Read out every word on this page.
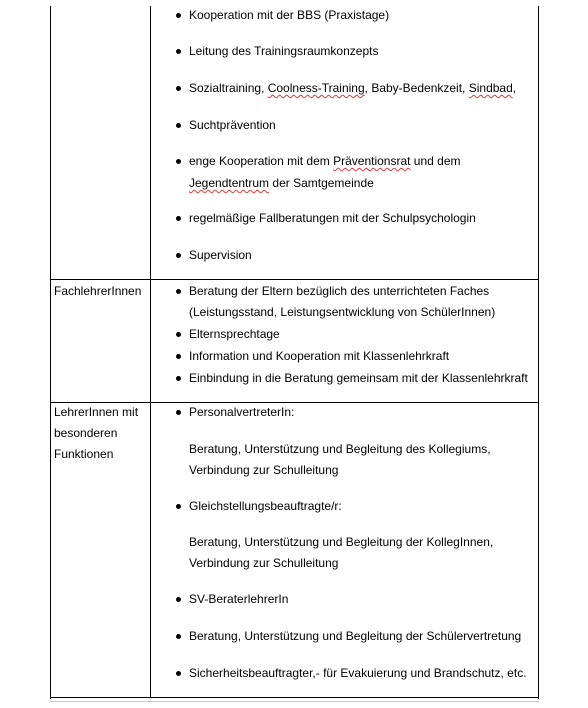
Kooperation mit der BBS (Praxistage)
Leitung des Trainingsraumkonzepts
Sozialtraining, Coolness-Training, Baby-Bedenkzeit, Sindbad,
Suchtprävention
enge Kooperation mit dem Präventionsrat und dem
Jegendtentrum der Samtgemeinde
regelmäßige Fallberatungen mit der Schulpsychologin
Supervision
FachlehrerInnen	Beratung der Eltern bezüglich des unterrichteten Faches
(Leistungsstand, Leistungsentwicklung von SchülerInnen)
Elternsprechtage
Information und Kooperation mit Klassenlehrkraft
Einbindung in die Beratung gemeinsam mit der Klassenlehrkraft
LehrerInnen mit
besonderen
Funktionen
PersonalvertreterIn:
Beratung, Unterstützung und Begleitung des Kollegiums,
Verbindung zur Schulleitung
Gleichstellungsbeauftragte/r:
Beratung, Unterstützung und Begleitung der KollegInnen,
Verbindung zur Schulleitung
SV-BeraterlehrerIn
Beratung, Unterstützung und Begleitung der Schülervertretung
Sicherheitsbeauftragter,- für Evakuierung und Brandschutz, etc.
